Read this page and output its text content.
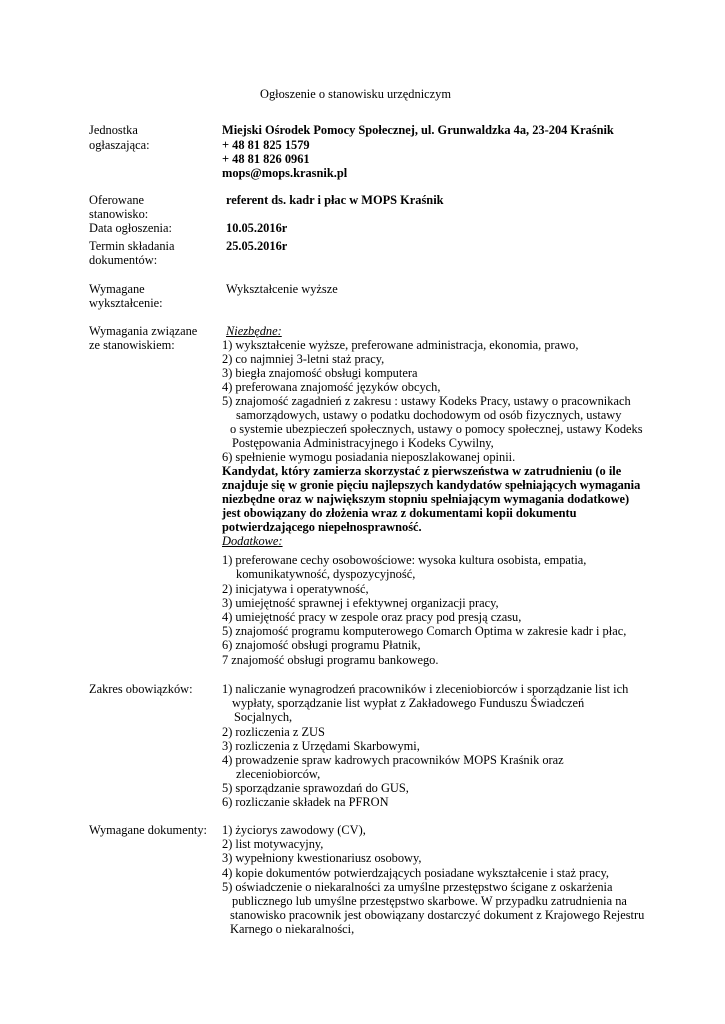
Ogłoszenie o stanowisku urzędniczym
Jednostka
ogłaszająca:
Miejski Ośrodek Pomocy Społecznej, ul. Grunwaldzka 4a, 23-204 Kraśnik
+ 48 81 825 1579
+ 48 81 826 0961
mops@mops.krasnik.pl
Oferowane
stanowisko:
referent ds. kadr i płac w MOPS Kraśnik
Data ogłoszenia:	10.05.2016r
Termin składania
dokumentów:
25.05.2016r
Wymagane
wykształcenie:
Wykształcenie wyższe
Wymagania związane
ze stanowiskiem:
Niezbędne:
1) wykształcenie wyższe, preferowane administracja, ekonomia, prawo,
2) co najmniej 3-letni staż pracy,
3) biegła znajomość obsługi komputera
4) preferowana znajomość języków obcych,
5) znajomość zagadnień z zakresu : ustawy Kodeks Pracy, ustawy o pracownikach
samorządowych, ustawy o podatku dochodowym od osób fizycznych, ustawy
o systemie ubezpieczeń społecznych, ustawy o pomocy społecznej, ustawy Kodeks
Postępowania Administracyjnego i Kodeks Cywilny,
6) spełnienie wymogu posiadania nieposzlakowanej opinii.
Kandydat, który zamierza skorzystać z pierwszeństwa w zatrudnieniu (o ile
znajduje się w gronie pięciu najlepszych kandydatów spełniających wymagania
niezbędne oraz w największym stopniu spełniającym wymagania dodatkowe)
jest obowiązany do złożenia wraz z dokumentami kopii dokumentu
potwierdzającego niepełnosprawność.
Dodatkowe:
1) preferowane cechy osobowościowe: wysoka kultura osobista, empatia,
komunikatywność, dyspozycyjność,
2) inicjatywa i operatywność,
3) umiejętność sprawnej i efektywnej organizacji pracy,
4) umiejętność pracy w zespole oraz pracy pod presją czasu,
5) znajomość programu komputerowego Comarch Optima w zakresie kadr i płac,
6) znajomość obsługi programu Płatnik,
7 znajomość obsługi programu bankowego.
Zakres obowiązków: 1) naliczanie wynagrodzeń pracowników i zleceniobiorców i sporządzanie list ich
wypłaty, sporządzanie list wypłat z Zakładowego Funduszu Świadczeń
Socjalnych,
2) rozliczenia z ZUS
3) rozliczenia z Urzędami Skarbowymi,
4) prowadzenie spraw kadrowych pracowników MOPS Kraśnik oraz
zleceniobiorców,
5) sporządzanie sprawozdań do GUS,
6) rozliczanie składek na PFRON
Wymagane dokumenty: 1) życiorys zawodowy (CV),
2) list motywacyjny,
3) wypełniony kwestionariusz osobowy,
4) kopie dokumentów potwierdzających posiadane wykształcenie i staż pracy,
5) oświadczenie o niekaralności za umyślne przestępstwo ścigane z oskarżenia
publicznego lub umyślne przestępstwo skarbowe. W przypadku zatrudnienia na
stanowisko pracownik jest obowiązany dostarczyć dokument z Krajowego Rejestru
Karnego o niekaralności,
